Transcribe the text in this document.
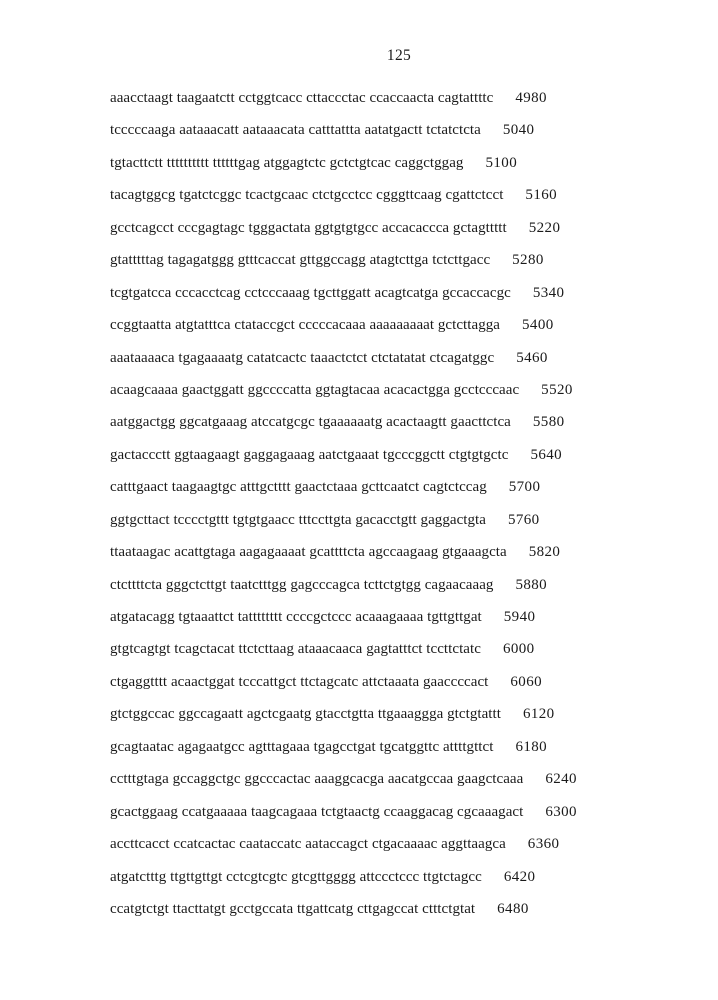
125
aaacctaagt taagaatctt cctggtcacc cttaccctac ccaccaacta cagtattttc 4980
tcccccaaga aataaacatt aataaacata catttattta aatatgactt tctatctcta 5040
tgtacttctt tttttttttt ttttttgag atggagtctc gctctgtcac caggctggag 5100
tacagtggcg tgatctcggc tcactgcaac ctctgcctcc cgggttcaag cgattctcct 5160
gcctcagcct cccgagtagc tgggactata ggtgtgtgcc accacaccca gctagttttt 5220
gtatttttag tagagatggg gtttcaccat gttggccagg atagtcttga tctcttgacc 5280
tcgtgatcca cccacctcag cctcccaaag tgcttggatt acagtcatga gccaccacgc 5340
ccggtaatta atgtatttca ctataccgct cccccacaaa aaaaaaaaat gctcttagga 5400
aaataaaaca tgagaaaatg catatcactc taaactctct ctctatatat ctcagatggc 5460
acaagcaaaa gaactggatt ggccccatta ggtagtacaa acacactgga gcctcccaac 5520
aatggactgg ggcatgaaag atccatgcgc tgaaaaaatg acactaagtt gaacttctca 5580
gactaccctt ggtaagaagt gaggagaaag aatctgaaat tgcccggctt ctgtgtgctc 5640
catttgaact taagaagtgc atttgctttt gaactctaaa gcttcaatct cagtctccag 5700
ggtgcttact tcccctgttt tgtgtgaacc tttccttgta gacacctgtt gaggactgta 5760
ttaataagac acattgtaga aagagaaaat gcattttcta agccaagaag gtgaaagcta 5820
ctcttttcta gggctcttgt taatctttgg gagcccagca tcttctgtgg cagaacaaag 5880
atgatacagg tgtaaattct tatttttttt ccccgctccc acaaagaaaa tgttgttgat 5940
gtgtcagtgt tcagctacat ttctcttaag ataaacaaca gagtatttct tccttctatc 6000
ctgaggtttt acaactggat tcccattgct ttctagcatc attctaaata gaaccccact 6060
gtctggccac ggccagaatt agctcgaatg gtacctgtta ttgaaaggga gtctgtattt 6120
gcagtaatac agagaatgcc agtttagaaa tgagcctgat tgcatggttc attttgttct 6180
cctttgtaga gccaggctgc ggcccactac aaaggcacga aacatgccaa gaagctcaaa 6240
gcactggaag ccatgaaaaa taagcagaaa tctgtaactg ccaaggacag cgcaaagact 6300
accttcacct ccatcactac caataccatc aataccagct ctgacaaaac aggttaagca 6360
atgatctttg ttgttgttgt cctcgtcgtc gtcgttgggg attccctccc ttgtctagcc 6420
ccatgtctgt ttacttatgt gcctgccata ttgattcatg cttgagccat ctttctgtat 6480
